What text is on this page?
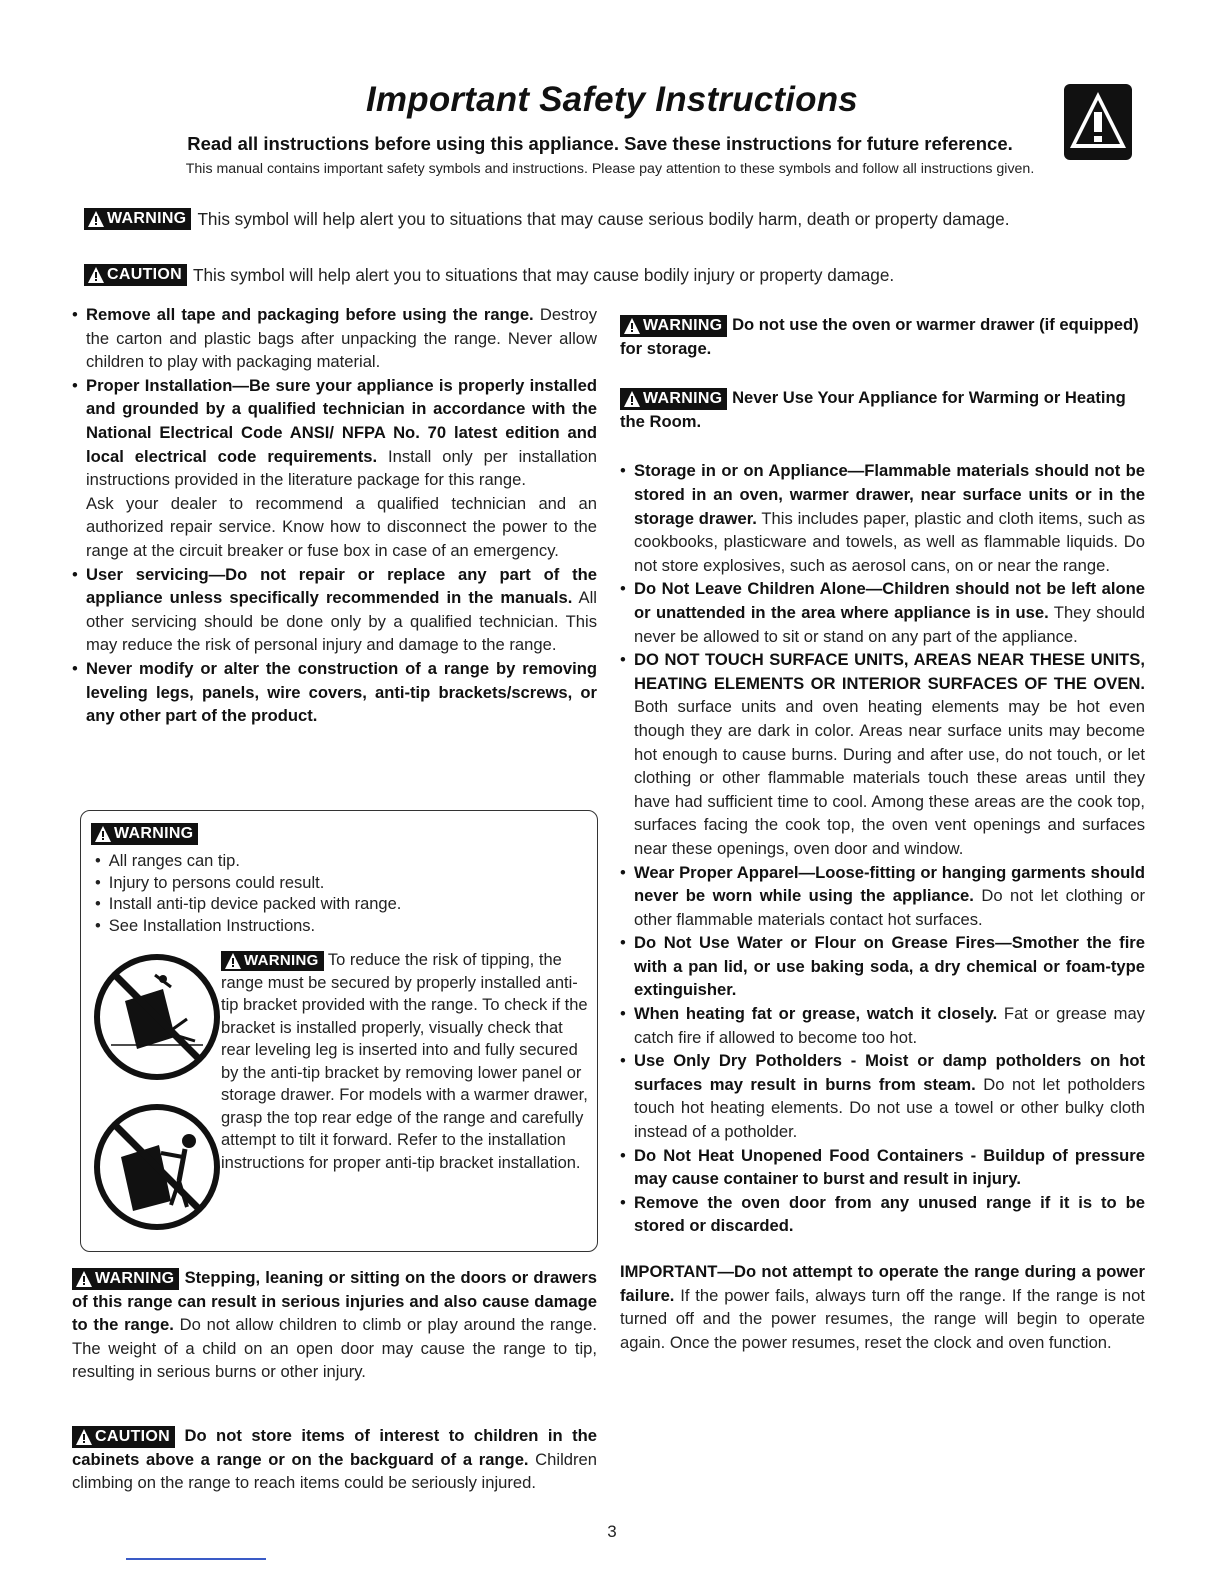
Important Safety Instructions
Read all instructions before using this appliance. Save these instructions for future reference.
This manual contains important safety symbols and instructions. Please pay attention to these symbols and follow all instructions given.
WARNING This symbol will help alert you to situations that may cause serious bodily harm, death or property damage.
CAUTION This symbol will help alert you to situations that may cause bodily injury or property damage.

• Remove all tape and packaging before using the range. Destroy the carton and plastic bags after unpacking the range. Never allow children to play with packaging material.

• Proper Installation—Be sure your appliance is properly installed and grounded by a qualified technician in accordance with the National Electrical Code ANSI/ NFPA No. 70 latest edition and local electrical code requirements. Install only per installation instructions provided in the literature package for this range.

Ask your dealer to recommend a qualified technician and an authorized repair service. Know how to disconnect the power to the range at the circuit breaker or fuse box in case of an emergency.

• User servicing—Do not repair or replace any part of the appliance unless specifically recommended in the manuals. All other servicing should be done only by a qualified technician. This may reduce the risk of personal injury and damage to the range.

• Never modify or alter the construction of a range by removing leveling legs, panels, wire covers, anti-tip brackets/screws, or any other part of the product.

WARNING
• All ranges can tip.
• Injury to persons could result.
• Install anti-tip device packed with range.
• See Installation Instructions.
WARNING To reduce the risk of tipping, the range must be secured by properly installed anti-tip bracket provided with the range. To check if the bracket is installed properly, visually check that rear leveling leg is inserted into and fully secured by the anti-tip bracket by removing lower panel or storage drawer. For models with a warmer drawer, grasp the top rear edge of the range and carefully attempt to tilt it forward. Refer to the installation instructions for proper anti-tip bracket installation.
WARNING Stepping, leaning or sitting on the doors or drawers of this range can result in serious injuries and also cause damage to the range. Do not allow children to climb or play around the range. The weight of a child on an open door may cause the range to tip, resulting in serious burns or other injury.
CAUTION Do not store items of interest to children in the cabinets above a range or on the backguard of a range. Children climbing on the range to reach items could be seriously injured.

WARNING Do not use the oven or warmer drawer (if equipped) for storage.

WARNING Never Use Your Appliance for Warming or Heating the Room.

• Storage in or on Appliance—Flammable materials should not be stored in an oven, warmer drawer, near surface units or in the storage drawer. This includes paper, plastic and cloth items, such as cookbooks, plasticware and towels, as well as flammable liquids. Do not store explosives, such as aerosol cans, on or near the range.

• Do Not Leave Children Alone—Children should not be left alone or unattended in the area where appliance is in use. They should never be allowed to sit or stand on any part of the appliance.

• DO NOT TOUCH SURFACE UNITS, AREAS NEAR THESE UNITS, HEATING ELEMENTS OR INTERIOR SURFACES OF THE OVEN. Both surface units and oven heating elements may be hot even though they are dark in color. Areas near surface units may become hot enough to cause burns. During and after use, do not touch, or let clothing or other flammable materials touch these areas until they have had sufficient time to cool. Among these areas are the cook top, surfaces facing the cook top, the oven vent openings and surfaces near these openings, oven door and window.

• Wear Proper Apparel—Loose-fitting or hanging garments should never be worn while using the appliance. Do not let clothing or other flammable materials contact hot surfaces.

• Do Not Use Water or Flour on Grease Fires—Smother the fire with a pan lid, or use baking soda, a dry chemical or foam-type extinguisher.

• When heating fat or grease, watch it closely. Fat or grease may catch fire if allowed to become too hot.

• Use Only Dry Potholders - Moist or damp potholders on hot surfaces may result in burns from steam. Do not let potholders touch hot heating elements. Do not use a towel or other bulky cloth instead of a potholder.

• Do Not Heat Unopened Food Containers - Buildup of pressure may cause container to burst and result in injury.

• Remove the oven door from any unused range if it is to be stored or discarded.

IMPORTANT—Do not attempt to operate the range during a power failure. If the power fails, always turn off the range. If the range is not turned off and the power resumes, the range will begin to operate again. Once the power resumes, reset the clock and oven function.

3
